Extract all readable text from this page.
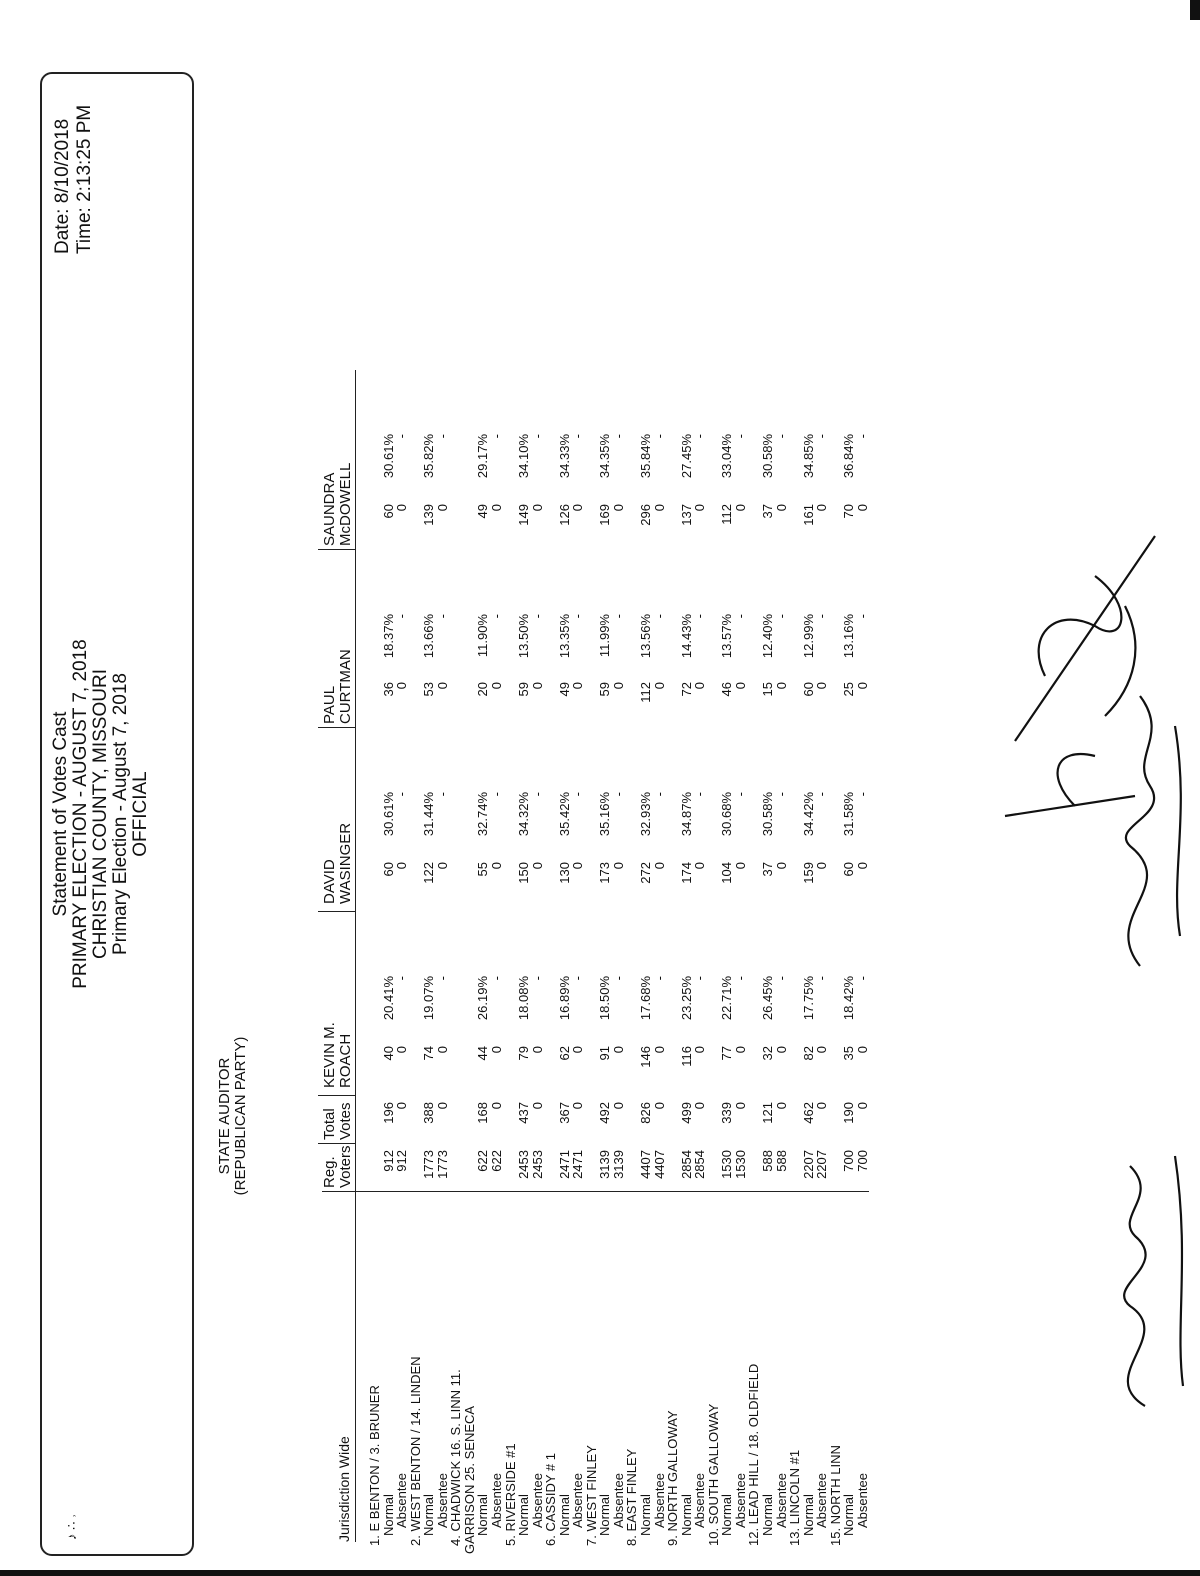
♪ ∴ ˒
Statement of Votes Cast PRIMARY ELECTION - AUGUST 7, 2018 CHRISTIAN COUNTY, MISSOURI Primary Election - August 7, 2018 OFFICIAL
Date: 8/10/2018 Time: 2:13:25 PM
STATE AUDITOR (REPUBLICAN PARTY)	Reg. Voters
Total Votes
KEVIN M. ROACH
DAVID WASINGER
PAUL CURTMAN
SAUNDRA McDOWELL
Jurisdiction Wide 1. E BENTON / 3. BRUNER
Normal
912
196
40
20.41%
60
30.61%
36
18.37%
60
30.61%
Absentee
912
0
0
-
0
-
0
-
0
-
2. WEST BENTON / 14. LINDEN
Normal
1773
388
74
19.07%
122
31.44%
53
13.66%
139
35.82%
Absentee
1773
0
0
-
0
-
0
-
0
-
4. CHADWICK 16. S. LINN 11.
GARRISON 25. SENECA
Normal
622
168
44
26.19%
55
32.74%
20
11.90%
49
29.17%
Absentee
622
0
0
-
0
-
0
-
0
-
5. RIVERSIDE #1
Normal
2453
437
79
18.08%
150
34.32%
59
13.50%
149
34.10%
Absentee
2453
0
0
-
0
-
0
-
0
-
6. CASSIDY # 1
Normal
2471
367
62
16.89%
130
35.42%
49
13.35%
126
34.33%
Absentee
2471
0
0
-
0
-
0
-
0
-
7. WEST FINLEY
Normal
3139
492
91
18.50%
173
35.16%
59
11.99%
169
34.35%
Absentee
3139
0
0
-
0
-
0
-
0
-
8. EAST FINLEY
Normal
4407
826
146
17.68%
272
32.93%
112
13.56%
296
35.84%
Absentee
4407
0
0
-
0
-
0
-
0
-
9. NORTH GALLOWAY
Normal
2854
499
116
23.25%
174
34.87%
72
14.43%
137
27.45%
Absentee
2854
0
0
-
0
-
0
-
0
-
10. SOUTH GALLOWAY
Normal
1530
339
77
22.71%
104
30.68%
46
13.57%
112
33.04%
Absentee
1530
0
0
-
0
-
0
-
0
-
12. LEAD HILL / 18. OLDFIELD
Normal
588
121
32
26.45%
37
30.58%
15
12.40%
37
30.58%
Absentee
588
0
0
-
0
-
0
-
0
-
13. LINCOLN #1
Normal
2207
462
82
17.75%
159
34.42%
60
12.99%
161
34.85%
Absentee
2207
0
0
-
0
-
0
-
0
-
15. NORTH LINN
Normal
700
190
35
18.42%
60
31.58%
25
13.16%
70
36.84%
Absentee
700
0
0
-
0
-
0
-
0
-
